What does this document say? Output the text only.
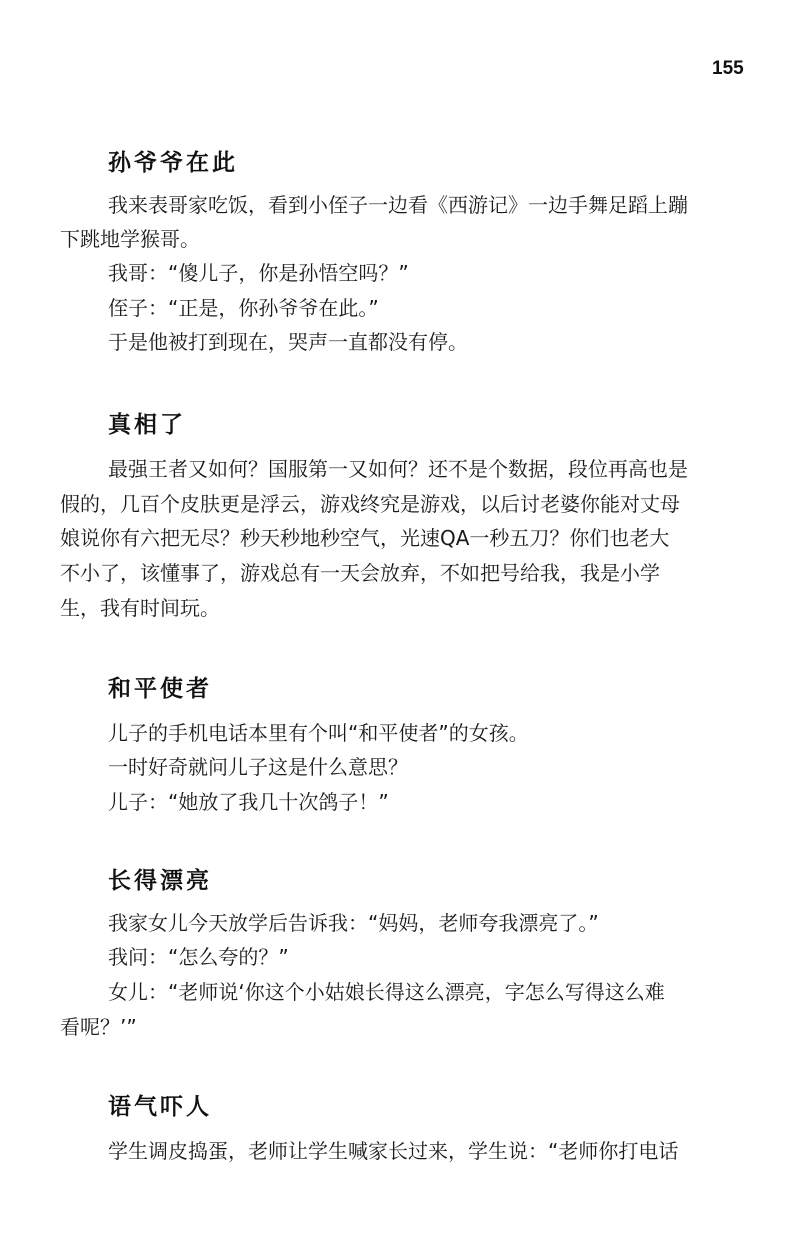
155
孙爷爷在此
我来表哥家吃饭，看到小侄子一边看《西游记》一边手舞足蹈上蹦
下跳地学猴哥。
我哥：“傻儿子，你是孙悟空吗？”
侄子：“正是，你孙爷爷在此。”
于是他被打到现在，哭声一直都没有停。
真相了
最强王者又如何？国服第一又如何？还不是个数据，段位再高也是
假的，几百个皮肤更是浮云，游戏终究是游戏，以后讨老婆你能对丈母
娘说你有六把无尽？秒天秒地秒空气，光速QA一秒五刀？你们也老大
不小了，该懂事了，游戏总有一天会放弃，不如把号给我，我是小学
生，我有时间玩。
和平使者
儿子的手机电话本里有个叫“和平使者”的女孩。
一时好奇就问儿子这是什么意思？
儿子：“她放了我几十次鸽子！”
长得漂亮
我家女儿今天放学后告诉我：“妈妈，老师夸我漂亮了。”
我问：“怎么夸的？”
女儿：“老师说‘你这个小姑娘长得这么漂亮，字怎么写得这么难
看呢？’”
语气吓人
学生调皮捣蛋，老师让学生喊家长过来，学生说：“老师你打电话
